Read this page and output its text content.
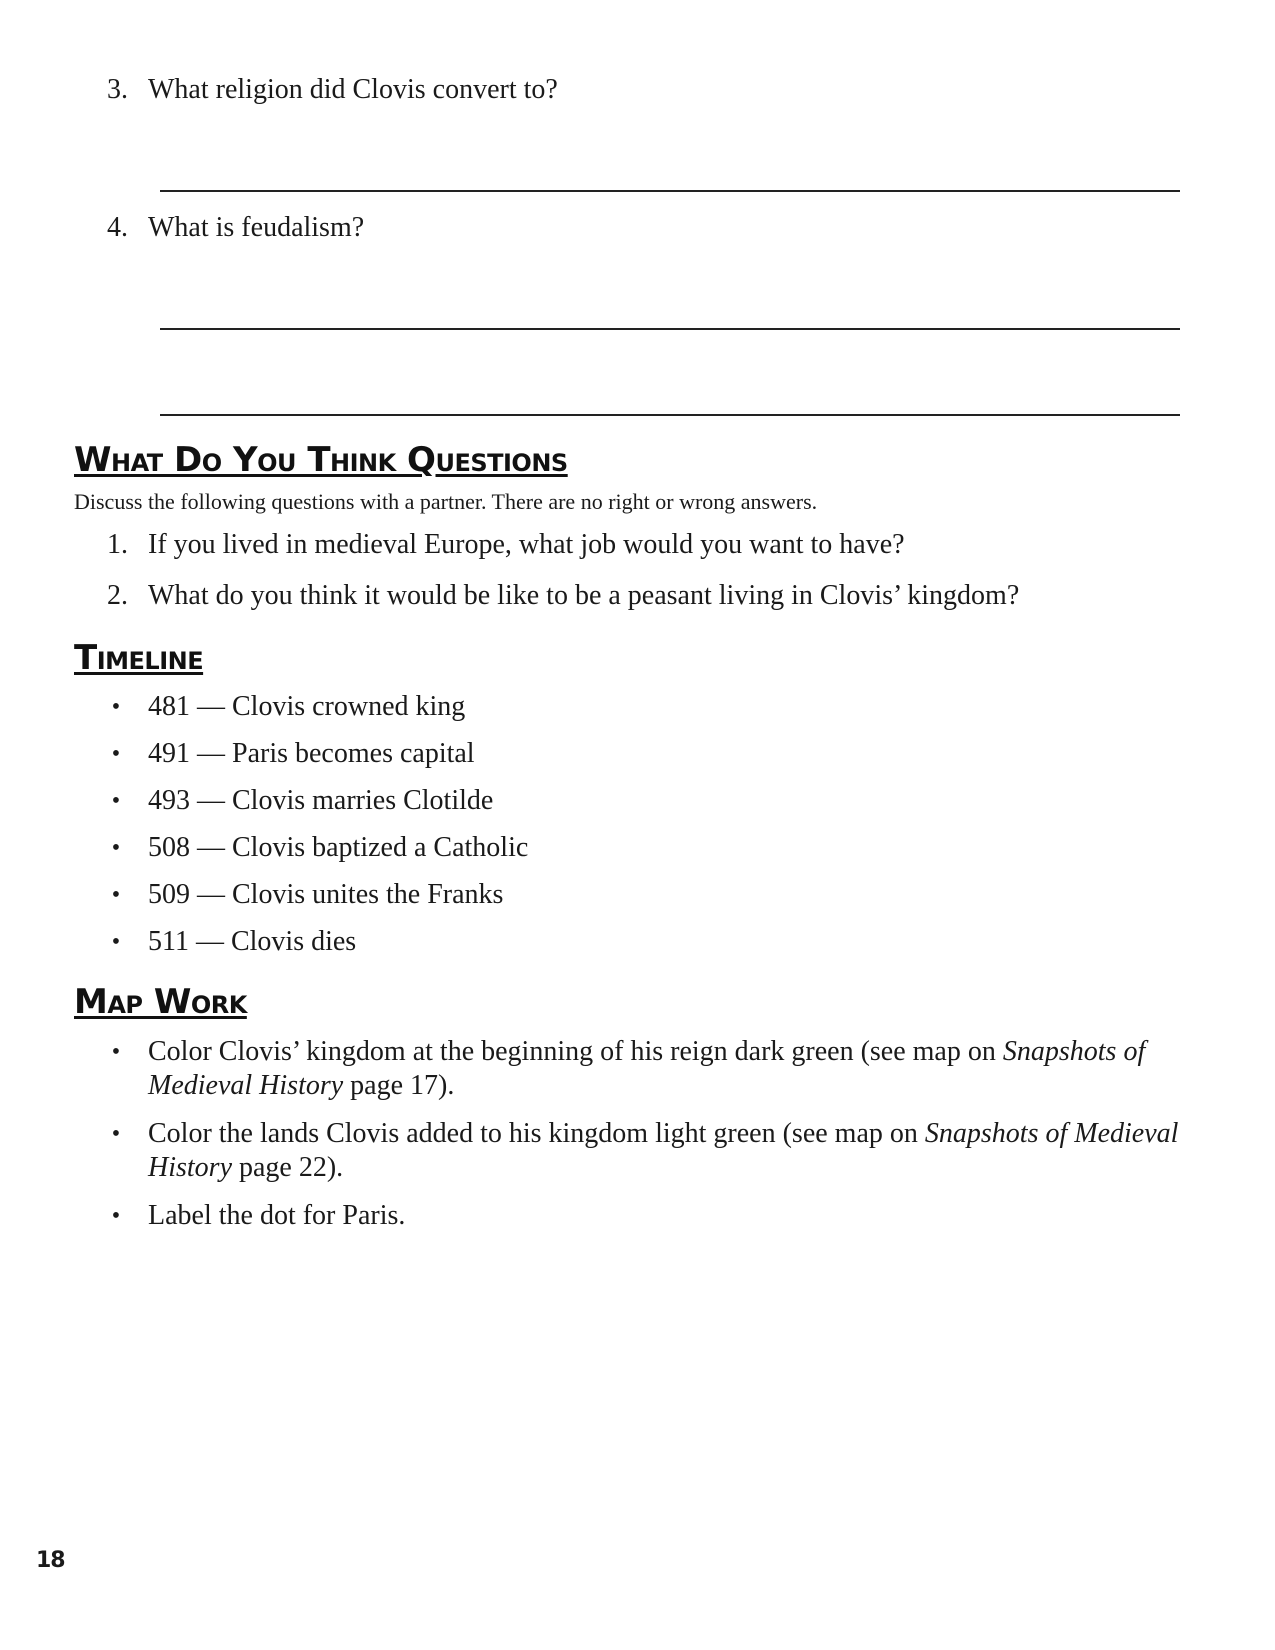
3. What religion did Clovis convert to?
4. What is feudalism?
What Do You Think Questions
Discuss the following questions with a partner. There are no right or wrong answers.
1. If you lived in medieval Europe, what job would you want to have?
2. What do you think it would be like to be a peasant living in Clovis’ kingdom?
Timeline
• 481 — Clovis crowned king
• 491 — Paris becomes capital
• 493 — Clovis marries Clotilde
• 508 — Clovis baptized a Catholic
• 509 — Clovis unites the Franks
• 511 — Clovis dies
Map Work
• Color Clovis’ kingdom at the beginning of his reign dark green (see map on Snapshots of Medieval History page 17).
• Color the lands Clovis added to his kingdom light green (see map on Snapshots of Medieval History page 22).
• Label the dot for Paris.
18
